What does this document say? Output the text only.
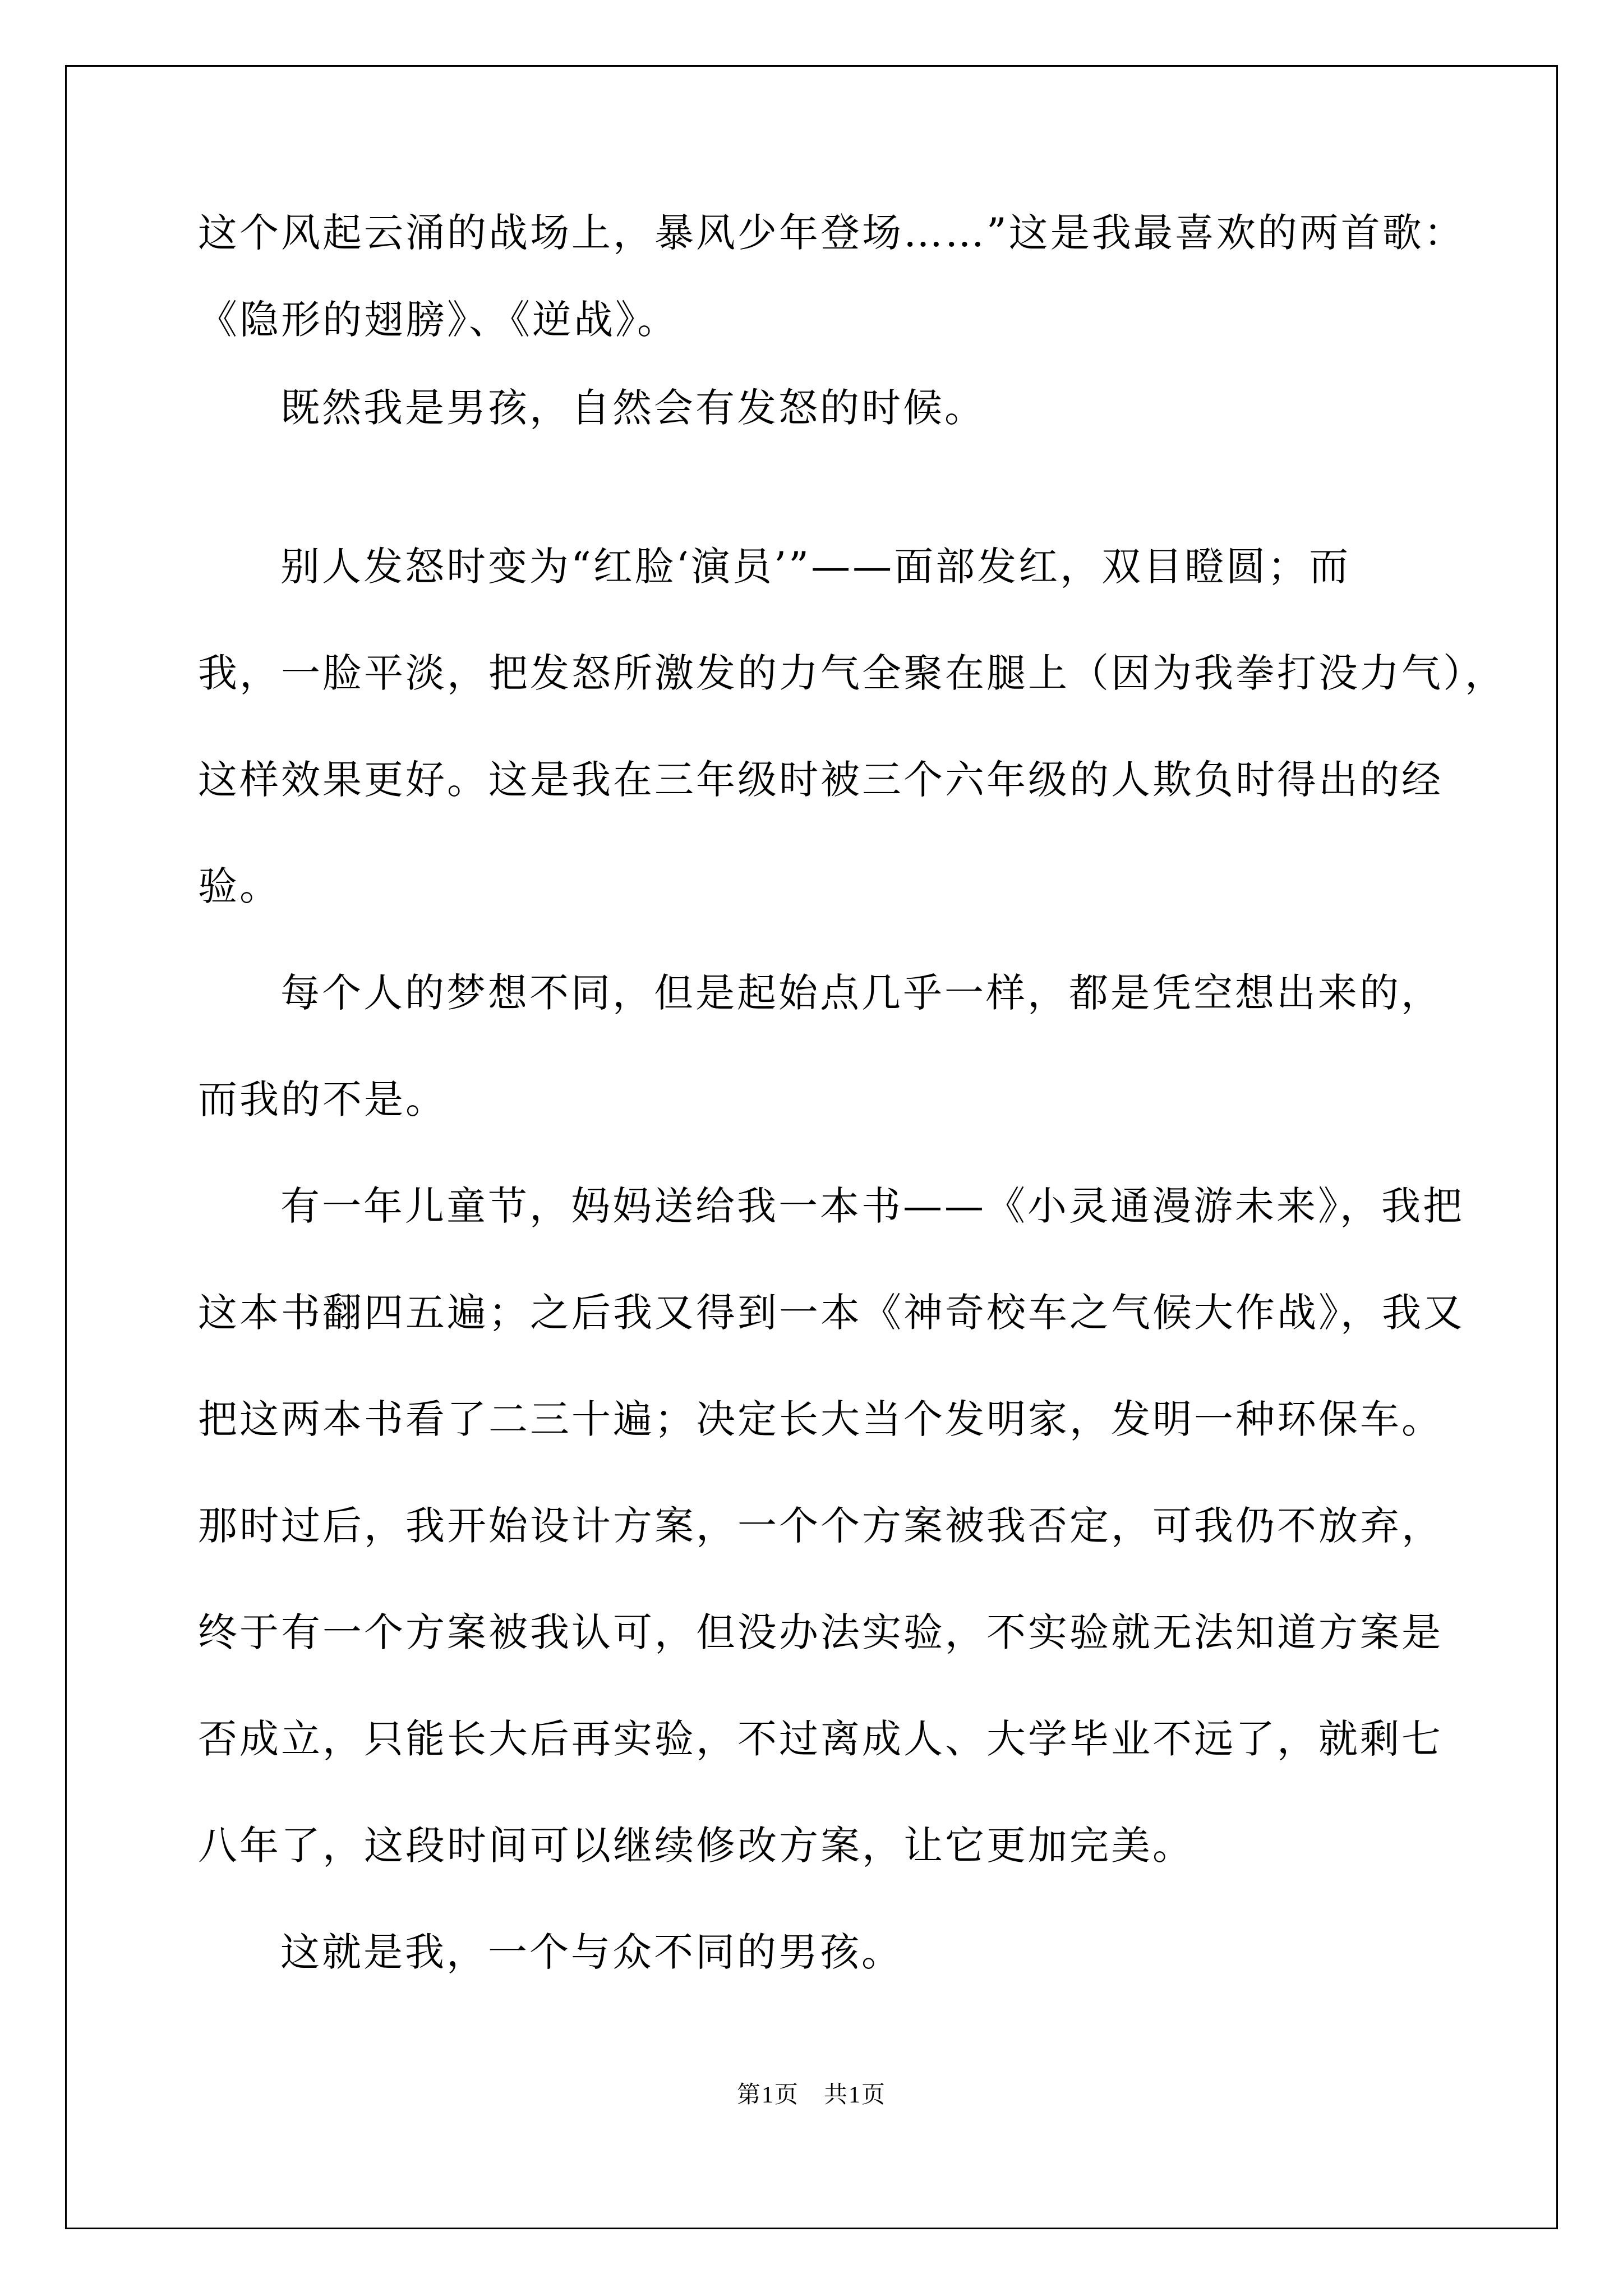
这个风起云涌的战场上，暴风少年登场……”这是我最喜欢的两首歌：
《隐形的翅膀》、《逆战》。
既然我是男孩，自然会有发怒的时候。
别人发怒时变为“红脸‘演员’”——面部发红，双目瞪圆；而
我，一脸平淡，把发怒所激发的力气全聚在腿上（因为我拳打没力气），
这样效果更好。这是我在三年级时被三个六年级的人欺负时得出的经
验。
每个人的梦想不同，但是起始点几乎一样，都是凭空想出来的，
而我的不是。
有一年儿童节，妈妈送给我一本书——《小灵通漫游未来》，我把
这本书翻四五遍；之后我又得到一本《神奇校车之气候大作战》，我又
把这两本书看了二三十遍；决定长大当个发明家，发明一种环保车。
那时过后，我开始设计方案，一个个方案被我否定，可我仍不放弃，
终于有一个方案被我认可，但没办法实验，不实验就无法知道方案是
否成立，只能长大后再实验，不过离成人、大学毕业不远了，就剩七
八年了，这段时间可以继续修改方案，让它更加完美。
这就是我，一个与众不同的男孩。
第1页　共1页
